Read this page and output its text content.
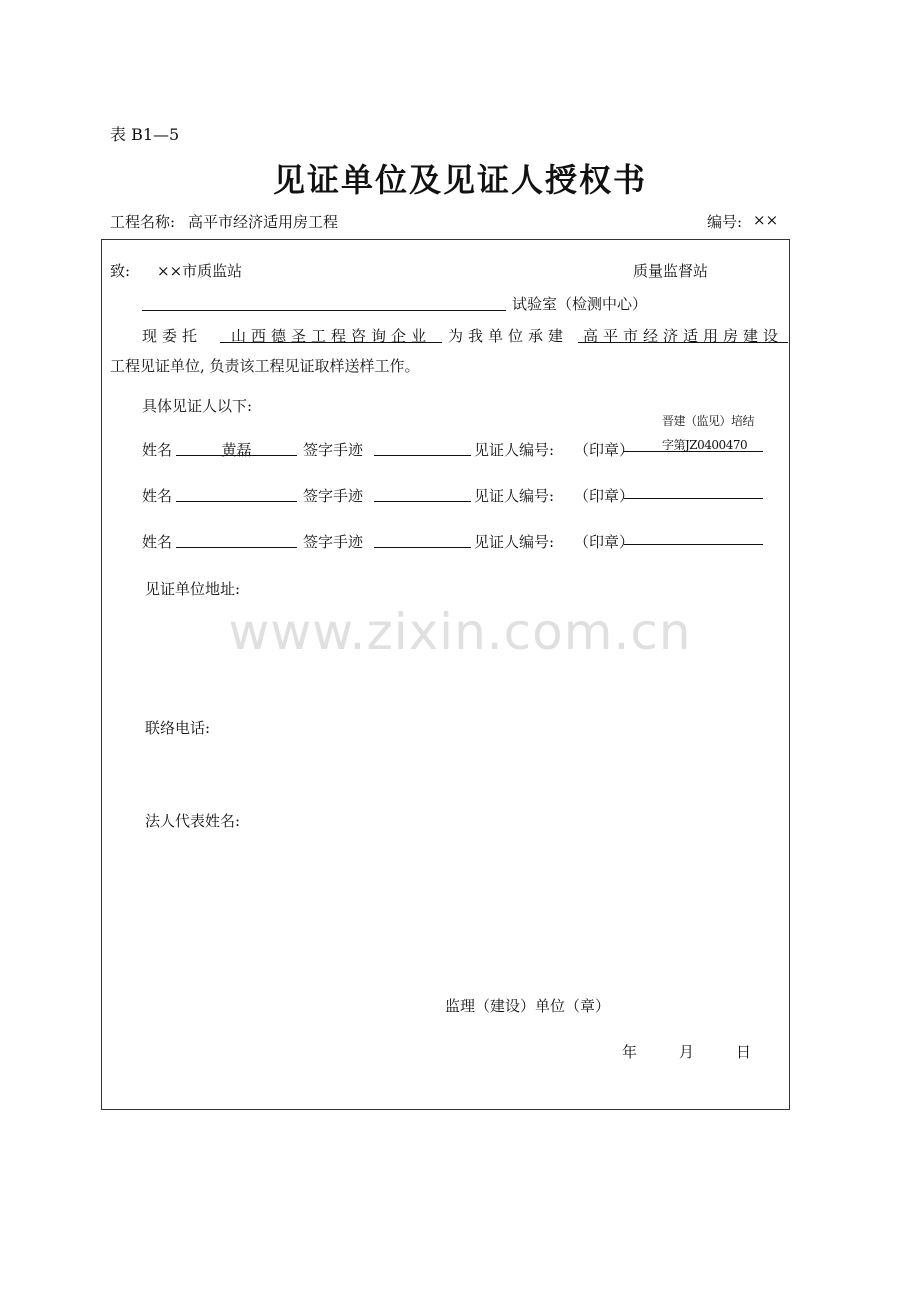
表 B1—5
见证单位及见证人授权书
工程名称: 高平市经济适用房工程	编号: ××
致: ××市质监站	质量监督站
试验室（检测中心）
现委托	山西德圣工程咨询企业	为我单位承建 高平市经济适用房建设
工程见证单位, 负责该工程见证取样送样工作。
具体见证人以下:
晋建（监见）培结
字第JZ0400470
姓名	黄磊	签字手迹	见证人编号: （印章）
姓名	签字手迹	见证人编号: （印章）
姓名	签字手迹	见证人编号: （印章）
见证单位地址:
www.zixin.com.cn
联络电话:
法人代表姓名:
监理（建设）单位（章）
年	月	日
